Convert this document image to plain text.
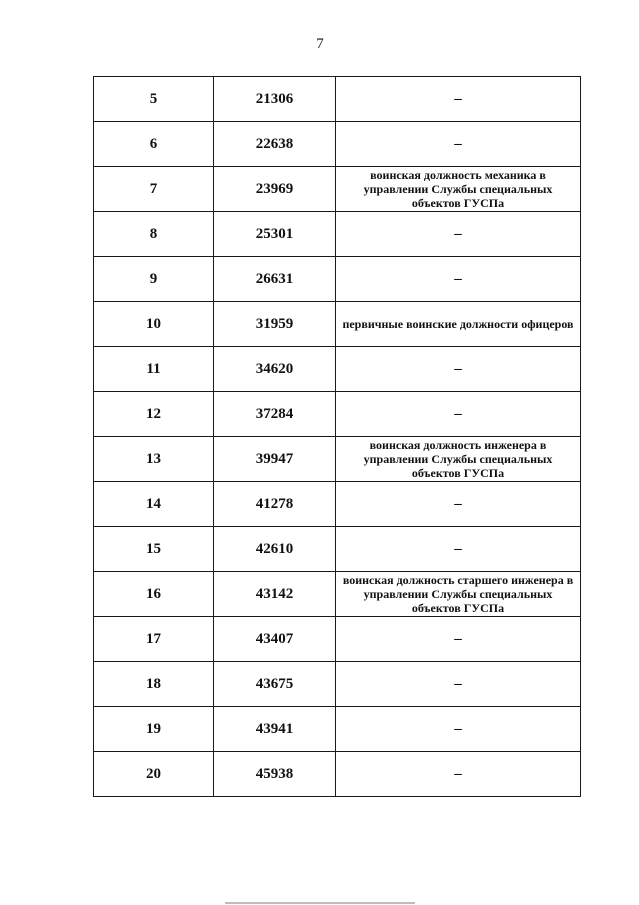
7
5	21306	–
6	22638	–
7	23969	воинская должность механика в управлении Службы специальных объектов ГУСПа

8	25301	–
9	26631	–
10	31959	первичные воинские должности офицеров

11	34620	–
12	37284	–
13	39947	воинская должность инженера в управлении Службы специальных объектов ГУСПа

14	41278	–
15	42610	–
16	43142	воинская должность старшего инженера в управлении Службы специальных объектов ГУСПа

17	43407	–
18	43675	–
19	43941	–
20	45938	–
